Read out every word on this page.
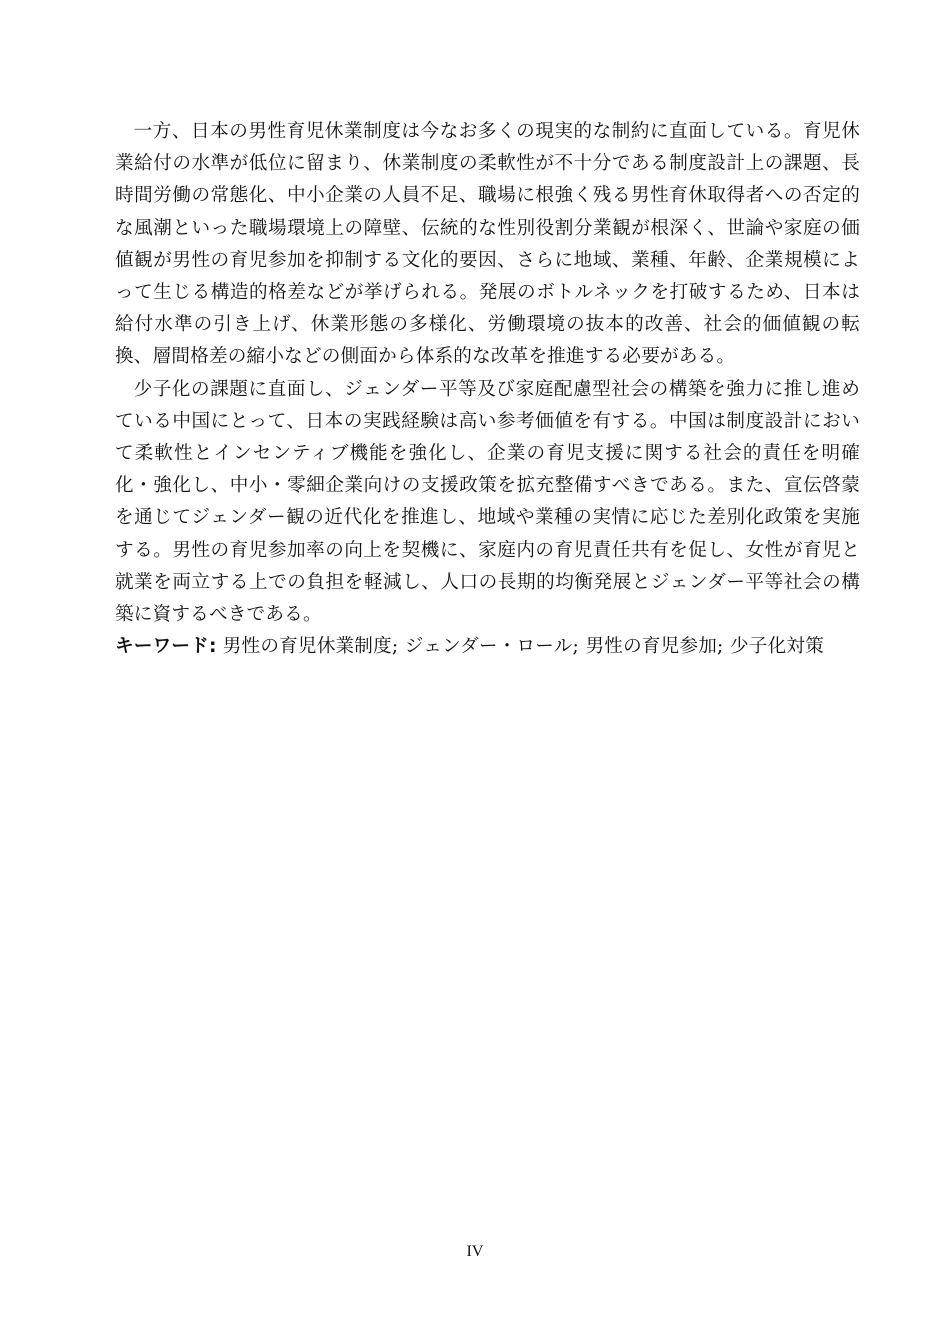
一方、日本の男性育児休業制度は今なお多くの現実的な制約に直面している。育児休業給付の水準が低位に留まり、休業制度の柔軟性が不十分である制度設計上の課題、長時間労働の常態化、中小企業の人員不足、職場に根強く残る男性育休取得者への否定的な風潮といった職場環境上の障壁、伝統的な性別役割分業観が根深く、世論や家庭の価値観が男性の育児参加を抑制する文化的要因、さらに地域、業種、年齢、企業規模によって生じる構造的格差などが挙げられる。発展のボトルネックを打破するため、日本は給付水準の引き上げ、休業形態の多様化、労働環境の抜本的改善、社会的価値観の転換、層間格差の縮小などの側面から体系的な改革を推進する必要がある。

少子化の課題に直面し、ジェンダー平等及び家庭配慮型社会の構築を強力に推し進めている中国にとって、日本の実践経験は高い参考価値を有する。中国は制度設計において柔軟性とインセンティブ機能を強化し、企業の育児支援に関する社会的責任を明確化・強化し、中小・零細企業向けの支援政策を拡充整備すべきである。また、宣伝啓蒙を通じてジェンダー観の近代化を推進し、地域や業種の実情に応じた差別化政策を実施する。男性の育児参加率の向上を契機に、家庭内の育児責任共有を促し、女性が育児と就業を両立する上での負担を軽減し、人口の長期的均衡発展とジェンダー平等社会の構築に資するべきである。

キーワード: 男性の育児休業制度; ジェンダー・ロール; 男性の育児参加; 少子化対策

IV
